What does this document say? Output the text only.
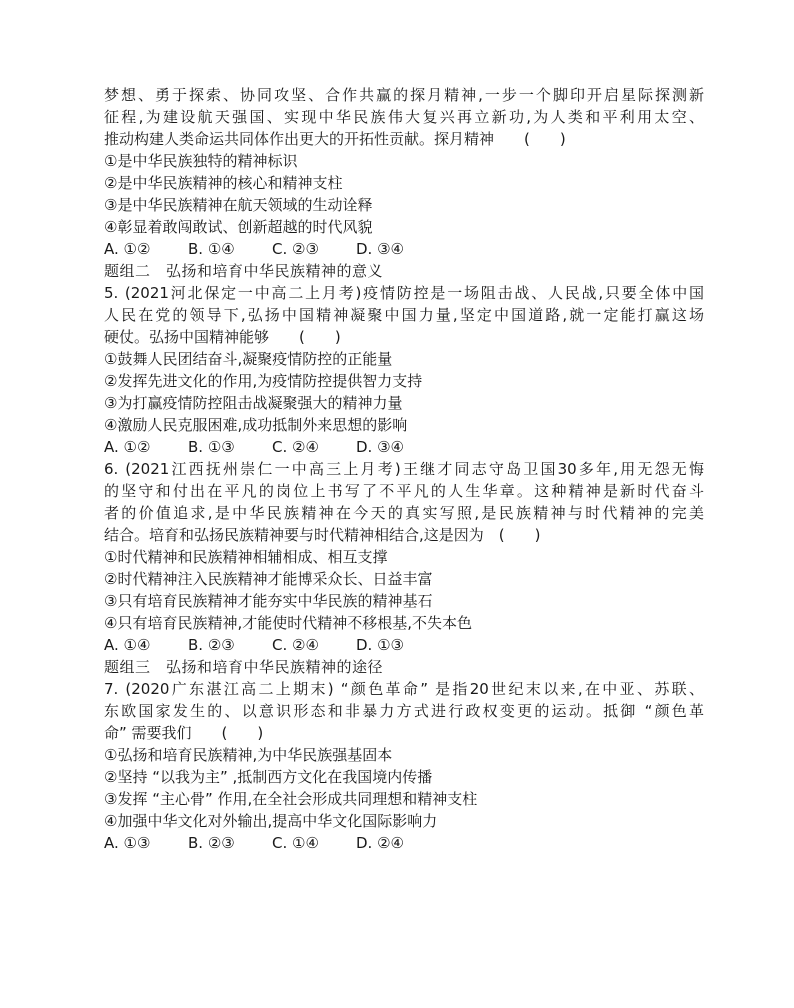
梦想、勇于探索、协同攻坚、合作共赢的探月精神,一步一个脚印开启星际探测新
征程,为建设航天强国、实现中华民族伟大复兴再立新功,为人类和平利用太空、
推动构建人类命运共同体作出更大的开拓性贡献。探月精神　　(　　)
①是中华民族独特的精神标识
②是中华民族精神的核心和精神支柱
③是中华民族精神在航天领域的生动诠释
④彰显着敢闯敢试、创新超越的时代风貌
A. ①②	B. ①④	C. ②③	D. ③④
题组二　弘扬和培育中华民族精神的意义
5. (2021河北保定一中高二上月考)疫情防控是一场阻击战、人民战,只要全体中国
人民在党的领导下,弘扬中国精神凝聚中国力量,坚定中国道路,就一定能打赢这场
硬仗。弘扬中国精神能够　　(　　)
①鼓舞人民团结奋斗,凝聚疫情防控的正能量
②发挥先进文化的作用,为疫情防控提供智力支持
③为打赢疫情防控阻击战凝聚强大的精神力量
④激励人民克服困难,成功抵制外来思想的影响
A. ①②	B. ①③	C. ②④	D. ③④
6. (2021江西抚州崇仁一中高三上月考)王继才同志守岛卫国30多年,用无怨无悔
的坚守和付出在平凡的岗位上书写了不平凡的人生华章。这种精神是新时代奋斗
者的价值追求,是中华民族精神在今天的真实写照,是民族精神与时代精神的完美
结合。培育和弘扬民族精神要与时代精神相结合,这是因为　(　　)
①时代精神和民族精神相辅相成、相互支撑
②时代精神注入民族精神才能博采众长、日益丰富
③只有培育民族精神才能夯实中华民族的精神基石
④只有培育民族精神,才能使时代精神不移根基,不失本色
A. ①④	B. ②③	C. ②④	D. ①③
题组三　弘扬和培育中华民族精神的途径
7. (2020广东湛江高二上期末) “颜色革命” 是指20世纪末以来,在中亚、苏联、
东欧国家发生的、以意识形态和非暴力方式进行政权变更的运动。抵御 “颜色革
命” 需要我们　　(　　)
①弘扬和培育民族精神,为中华民族强基固本
②坚持 “以我为主” ,抵制西方文化在我国境内传播
③发挥 “主心骨” 作用,在全社会形成共同理想和精神支柱
④加强中华文化对外输出,提高中华文化国际影响力
A. ①③	B. ②③	C. ①④	D. ②④
